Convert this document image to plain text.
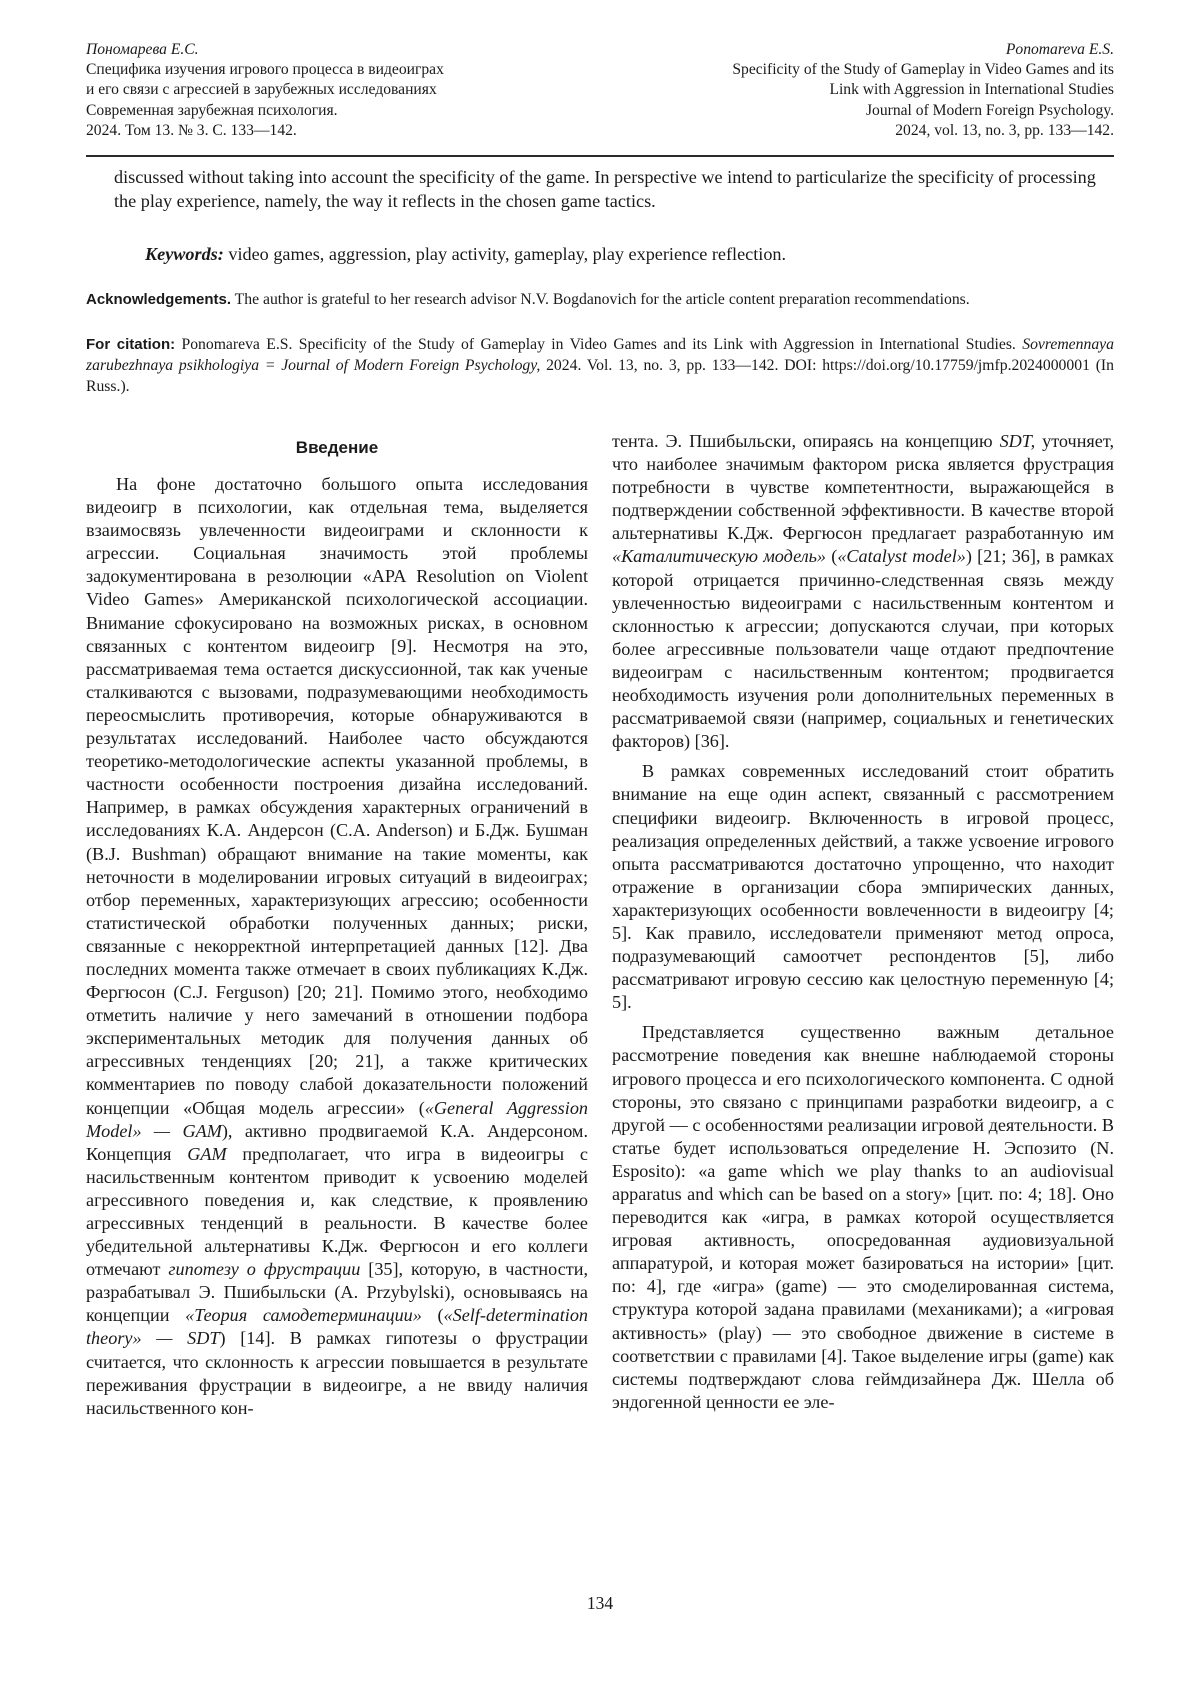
Пономарева Е.С.
Специфика изучения игрового процесса в видеоиграх
и его связи с агрессией в зарубежных исследованиях
Современная зарубежная психология.
2024. Том 13. № 3. С. 133—142.
Ponomareva E.S.
Specificity of the Study of Gameplay in Video Games and its
Link with Aggression in International Studies
Journal of Modern Foreign Psychology.
2024, vol. 13, no. 3, pp. 133—142.
discussed without taking into account the specificity of the game. In perspective we intend to particularize the specificity of processing the play experience, namely, the way it reflects in the chosen game tactics.
Keywords: video games, aggression, play activity, gameplay, play experience reflection.
Acknowledgements. The author is grateful to her research advisor N.V. Bogdanovich for the article content preparation recommendations.
For citation: Ponomareva E.S. Specificity of the Study of Gameplay in Video Games and its Link with Aggression in International Studies. Sovremennaya zarubezhnaya psikhologiya = Journal of Modern Foreign Psychology, 2024. Vol. 13, no. 3, pp. 133—142. DOI: https://doi.org/10.17759/jmfp.2024000001 (In Russ.).
Введение

На фоне достаточно большого опыта исследования видеоигр в психологии, как отдельная тема, выделяется взаимосвязь увлеченности видеоиграми и склонности к агрессии. Социальная значимость этой проблемы задокументирована в резолюции «APA Resolution on Violent Video Games» Американской психологической ассоциации. Внимание сфокусировано на возможных рисках, в основном связанных с контентом видеоигр [9]. Несмотря на это, рассматриваемая тема остается дискуссионной, так как ученые сталкиваются с вызовами, подразумевающими необходимость переосмыслить противоречия, которые обнаруживаются в результатах исследований. Наиболее часто обсуждаются теоретико-методологические аспекты указанной проблемы, в частности особенности построения дизайна исследований. Например, в рамках обсуждения характерных ограничений в исследованиях К.А. Андерсон (C.A. Anderson) и Б.Дж. Бушман (B.J. Bushman) обращают внимание на такие моменты, как неточности в моделировании игровых ситуаций в видеоиграх; отбор переменных, характеризующих агрессию; особенности статистической обработки полученных данных; риски, связанные с некорректной интерпретацией данных [12]. Два последних момента также отмечает в своих публикациях К.Дж. Фергюсон (C.J. Ferguson) [20; 21]. Помимо этого, необходимо отметить наличие у него замечаний в отношении подбора экспериментальных методик для получения данных об агрессивных тенденциях [20; 21], а также критических комментариев по поводу слабой доказательности положений концепции «Общая модель агрессии» («General Aggression Model» — GAM), активно продвигаемой К.А. Андерсоном. Концепция GAM предполагает, что игра в видеоигры с насильственным контентом приводит к усвоению моделей агрессивного поведения и, как следствие, к проявлению агрессивных тенденций в реальности. В качестве более убедительной альтернативы К.Дж. Фергюсон и его коллеги отмечают гипотезу о фрустрации [35], которую, в частности, разрабатывал Э. Пшибыльски (A. Przybylski), основываясь на концепции «Теория самодетерминации» («Self-determination theory» — SDT) [14]. В рамках гипотезы о фрустрации считается, что склонность к агрессии повышается в результате переживания фрустрации в видеоигре, а не ввиду наличия насильственного кон-

тента. Э. Пшибыльски, опираясь на концепцию SDT, уточняет, что наиболее значимым фактором риска является фрустрация потребности в чувстве компетентности, выражающейся в подтверждении собственной эффективности. В качестве второй альтернативы К.Дж. Фергюсон предлагает разработанную им «Каталитическую модель» («Catalyst model») [21; 36], в рамках которой отрицается причинно-следственная связь между увлеченностью видеоиграми с насильственным контентом и склонностью к агрессии; допускаются случаи, при которых более агрессивные пользователи чаще отдают предпочтение видеоиграм с насильственным контентом; продвигается необходимость изучения роли дополнительных переменных в рассматриваемой связи (например, социальных и генетических факторов) [36].

В рамках современных исследований стоит обратить внимание на еще один аспект, связанный с рассмотрением специфики видеоигр. Включенность в игровой процесс, реализация определенных действий, а также усвоение игрового опыта рассматриваются достаточно упрощенно, что находит отражение в организации сбора эмпирических данных, характеризующих особенности вовлеченности в видеоигру [4; 5]. Как правило, исследователи применяют метод опроса, подразумевающий самоотчет респондентов [5], либо рассматривают игровую сессию как целостную переменную [4; 5].

Представляется существенно важным детальное рассмотрение поведения как внешне наблюдаемой стороны игрового процесса и его психологического компонента. С одной стороны, это связано с принципами разработки видеоигр, а с другой — с особенностями реализации игровой деятельности. В статье будет использоваться определение Н. Эспозито (N. Esposito): «a game which we play thanks to an audiovisual apparatus and which can be based on a story» [цит. по: 4; 18]. Оно переводится как «игра, в рамках которой осуществляется игровая активность, опосредованная аудиовизуальной аппаратурой, и которая может базироваться на истории» [цит. по: 4], где «игра» (game) — это смоделированная система, структура которой задана правилами (механиками); а «игровая активность» (play) — это свободное движение в системе в соответствии с правилами [4]. Такое выделение игры (game) как системы подтверждают слова геймдизайнера Дж. Шелла об эндогенной ценности ее эле-

134
